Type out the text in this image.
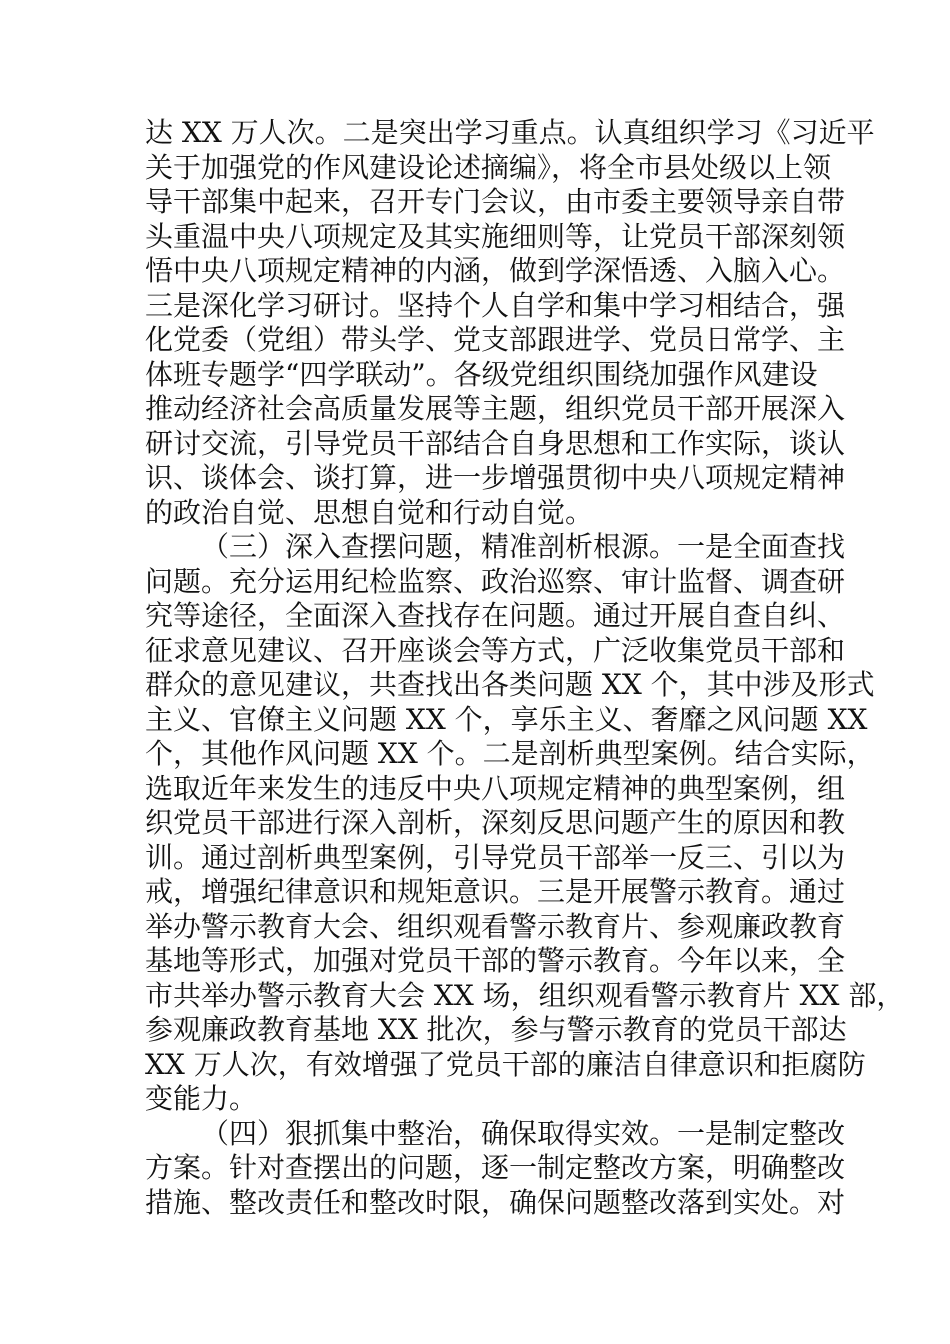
达 XX 万人次。二是突出学习重点。认真组织学习《习近平
关于加强党的作风建设论述摘编》，将全市县处级以上领
导干部集中起来，召开专门会议，由市委主要领导亲自带
头重温中央八项规定及其实施细则等，让党员干部深刻领
悟中央八项规定精神的内涵，做到学深悟透、入脑入心。
三是深化学习研讨。坚持个人自学和集中学习相结合，强
化党委（党组）带头学、党支部跟进学、党员日常学、主
体班专题学“四学联动”。各级党组织围绕加强作风建设
推动经济社会高质量发展等主题，组织党员干部开展深入
研讨交流，引导党员干部结合自身思想和工作实际，谈认
识、谈体会、谈打算，进一步增强贯彻中央八项规定精神
的政治自觉、思想自觉和行动自觉。
（三）深入查摆问题，精准剖析根源。一是全面查找
问题。充分运用纪检监察、政治巡察、审计监督、调查研
究等途径，全面深入查找存在问题。通过开展自查自纠、
征求意见建议、召开座谈会等方式，广泛收集党员干部和
群众的意见建议，共查找出各类问题 XX 个，其中涉及形式
主义、官僚主义问题 XX 个，享乐主义、奢靡之风问题 XX
个，其他作风问题 XX 个。二是剖析典型案例。结合实际，
选取近年来发生的违反中央八项规定精神的典型案例，组
织党员干部进行深入剖析，深刻反思问题产生的原因和教
训。通过剖析典型案例，引导党员干部举一反三、引以为
戒，增强纪律意识和规矩意识。三是开展警示教育。通过
举办警示教育大会、组织观看警示教育片、参观廉政教育
基地等形式，加强对党员干部的警示教育。今年以来，全
市共举办警示教育大会 XX 场，组织观看警示教育片 XX 部，
参观廉政教育基地 XX 批次，参与警示教育的党员干部达
XX 万人次，有效增强了党员干部的廉洁自律意识和拒腐防
变能力。
（四）狠抓集中整治，确保取得实效。一是制定整改
方案。针对查摆出的问题，逐一制定整改方案，明确整改
措施、整改责任和整改时限，确保问题整改落到实处。对
